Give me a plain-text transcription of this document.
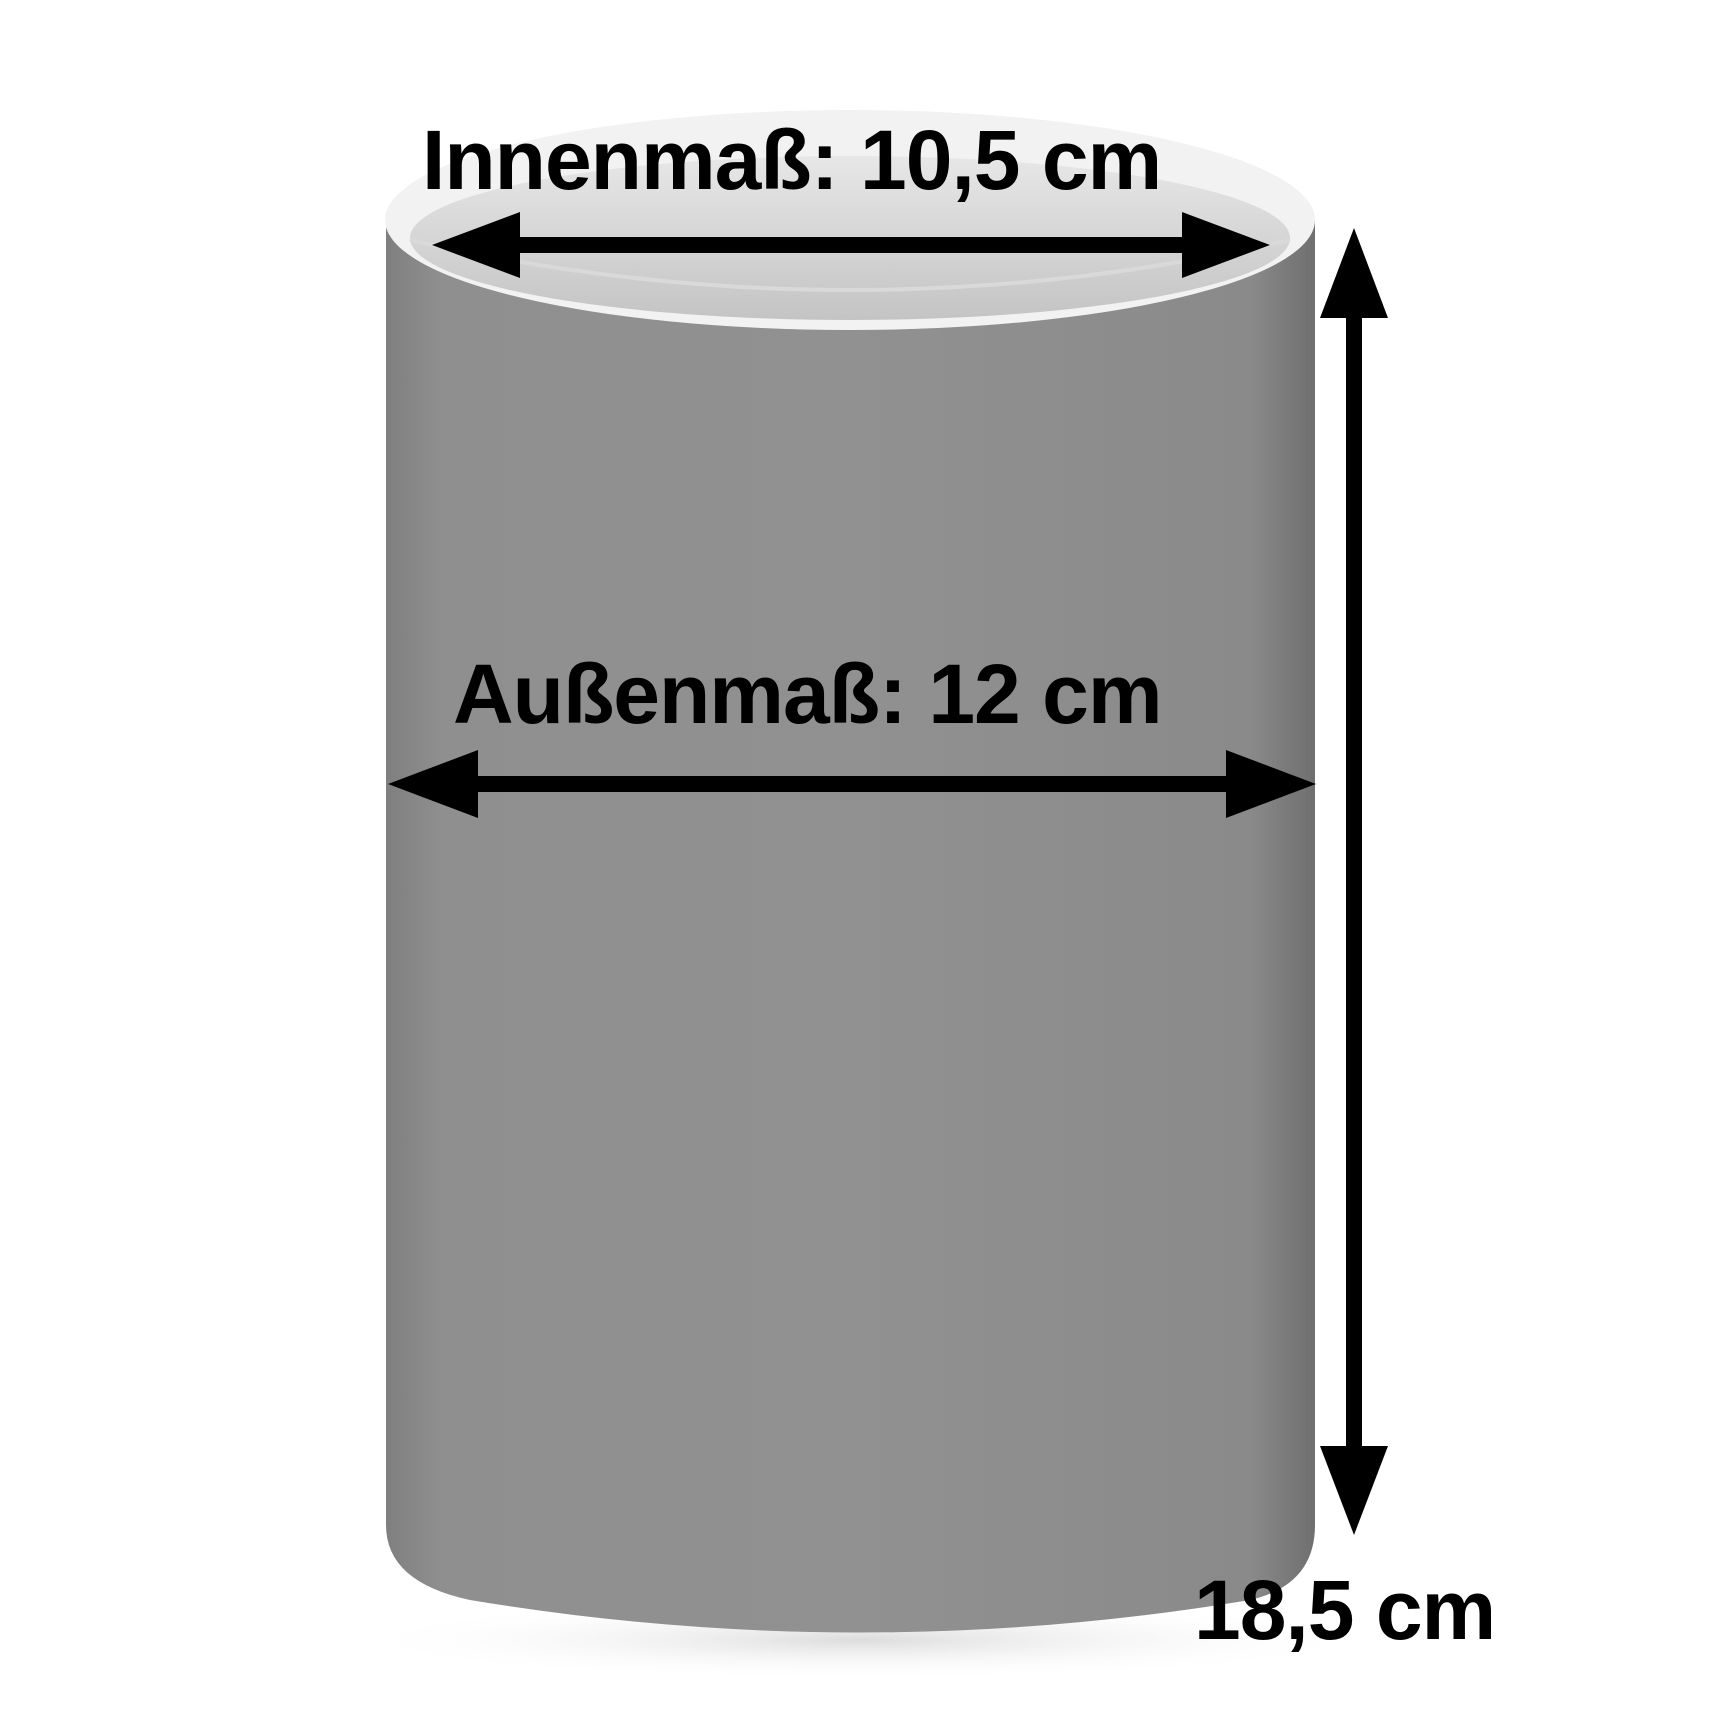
Innenmaß: 10,5 cm
Außenmaß: 12 cm
18,5 cm
